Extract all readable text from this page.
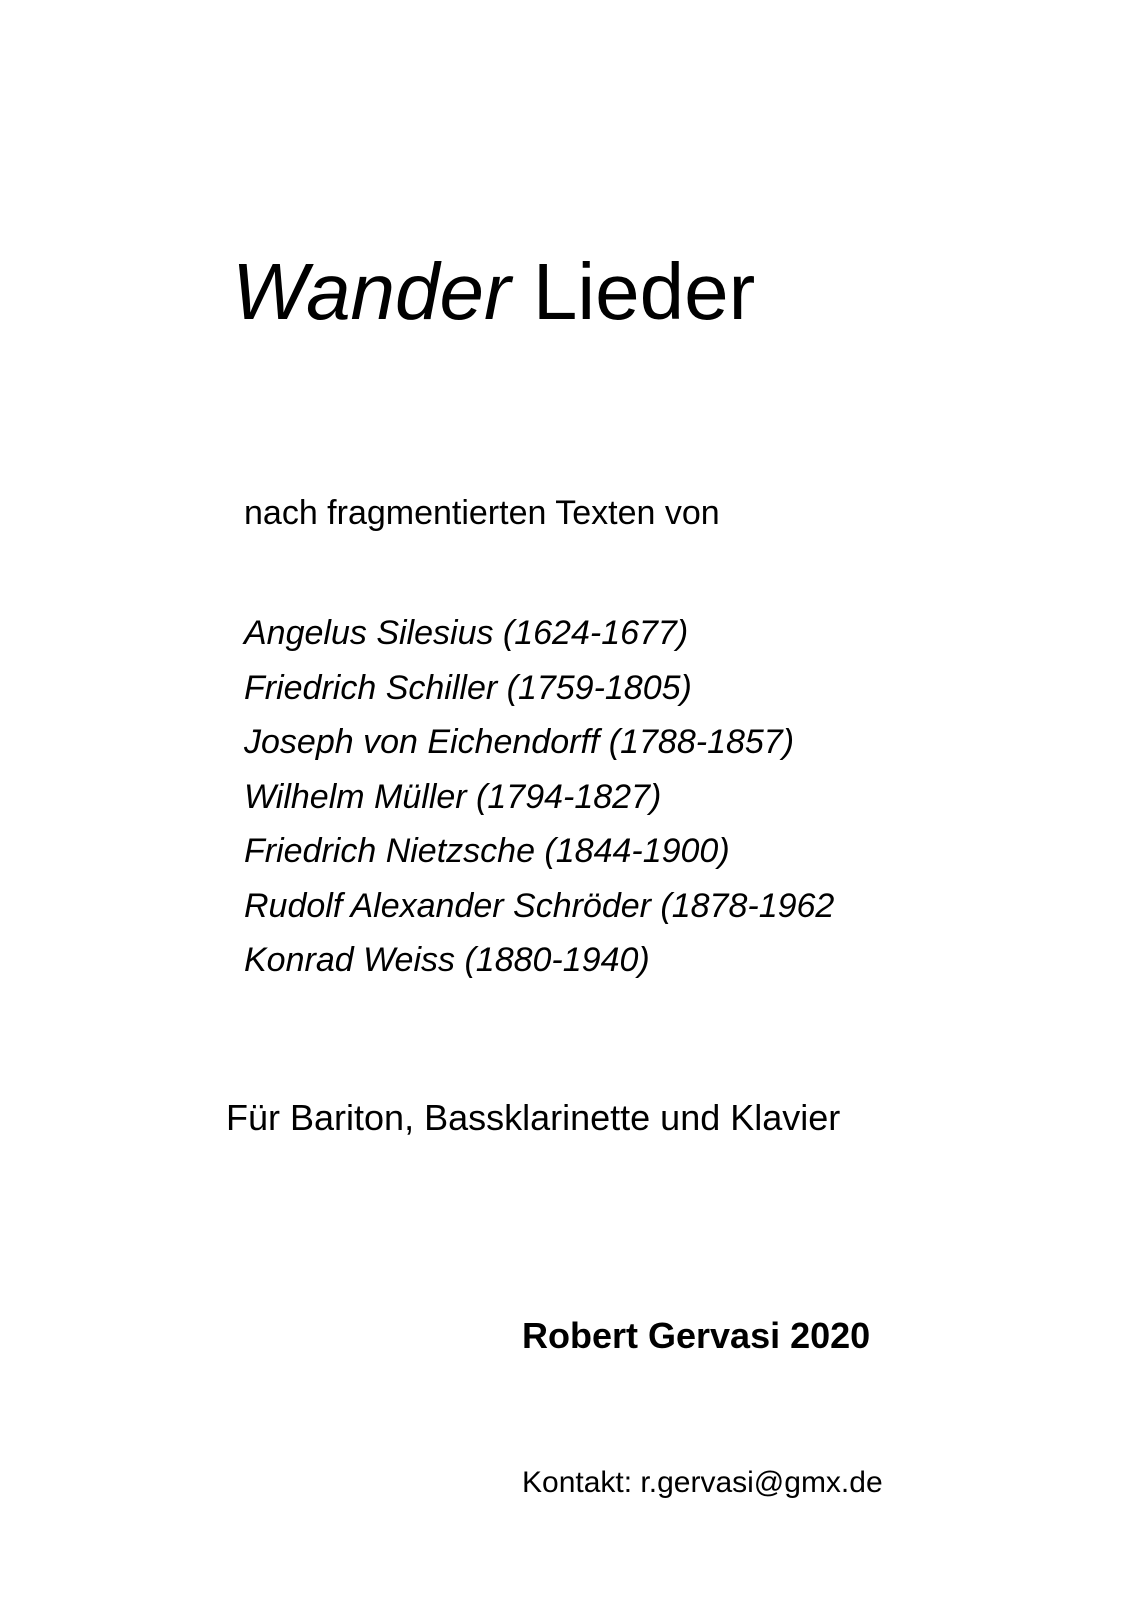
Wander Lieder
nach fragmentierten Texten von
Angelus Silesius (1624-1677)
Friedrich Schiller (1759-1805)
Joseph von Eichendorff (1788-1857)
Wilhelm Müller (1794-1827)
Friedrich Nietzsche (1844-1900)
Rudolf Alexander Schröder (1878-1962
Konrad Weiss (1880-1940)
Für Bariton, Bassklarinette und Klavier
Robert Gervasi 2020
Kontakt: r.gervasi@gmx.de
